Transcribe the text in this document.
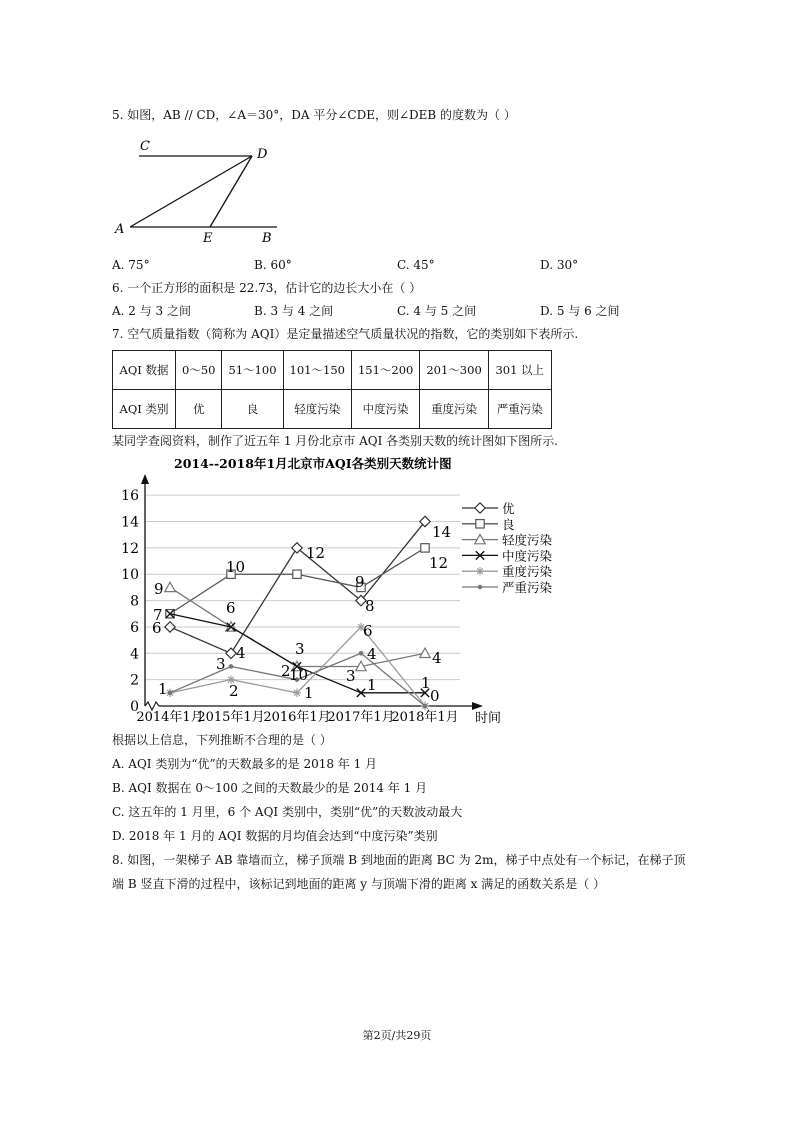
5. 如图，AB // CD，∠A＝30°，DA 平分∠CDE，则∠DEB 的度数为（ ）
C
D
A
E	B
A. 75°	B. 60°	C. 45°	D. 30°
6. 一个正方形的面积是 22.73，估计它的边长大小在（ ）
A. 2 与 3 之间	B. 3 与 4 之间	C. 4 与 5 之间	D. 5 与 6 之间
7. 空气质量指数（简称为 AQI）是定量描述空气质量状况的指数，它的类别如下表所示.
AQI 数据	0～50	51～100	101～150	151～200	201～300	301 以上
AQI 类别	优	良	轻度污染	中度污染	重度污染	严重污染
某同学查阅资料，制作了近五年 1 月份北京市 AQI 各类别天数的统计图如下图所示.
2014--2018年1月北京市AQI各类别天数统计图
0
2
4
6
8
10
12
14
16
2014年1月
2015年1月
2016年1月
2017年1月
2018年1月 时间
9
7
6
1
10
6
3
4
2
12
3
10
2
1
9
6
3
4
1
8
14
12
4
1
0
优
良
轻度污染
中度污染
重度污染
严重污染
根据以上信息，下列推断不合理的是（ ）
A. AQI 类别为“优”的天数最多的是 2018 年 1 月
B. AQI 数据在 0～100 之间的天数最少的是 2014 年 1 月
C. 这五年的 1 月里，6 个 AQI 类别中，类别“优”的天数波动最大
D. 2018 年 1 月的 AQI 数据的月均值会达到“中度污染”类别
8. 如图，一架梯子 AB 靠墙而立，梯子顶端 B 到地面的距离 BC 为 2m，梯子中点处有一个标记，在梯子顶
端 B 竖直下滑的过程中，该标记到地面的距离 y 与顶端下滑的距离 x 满足的函数关系是（ ）
第2页/共29页
